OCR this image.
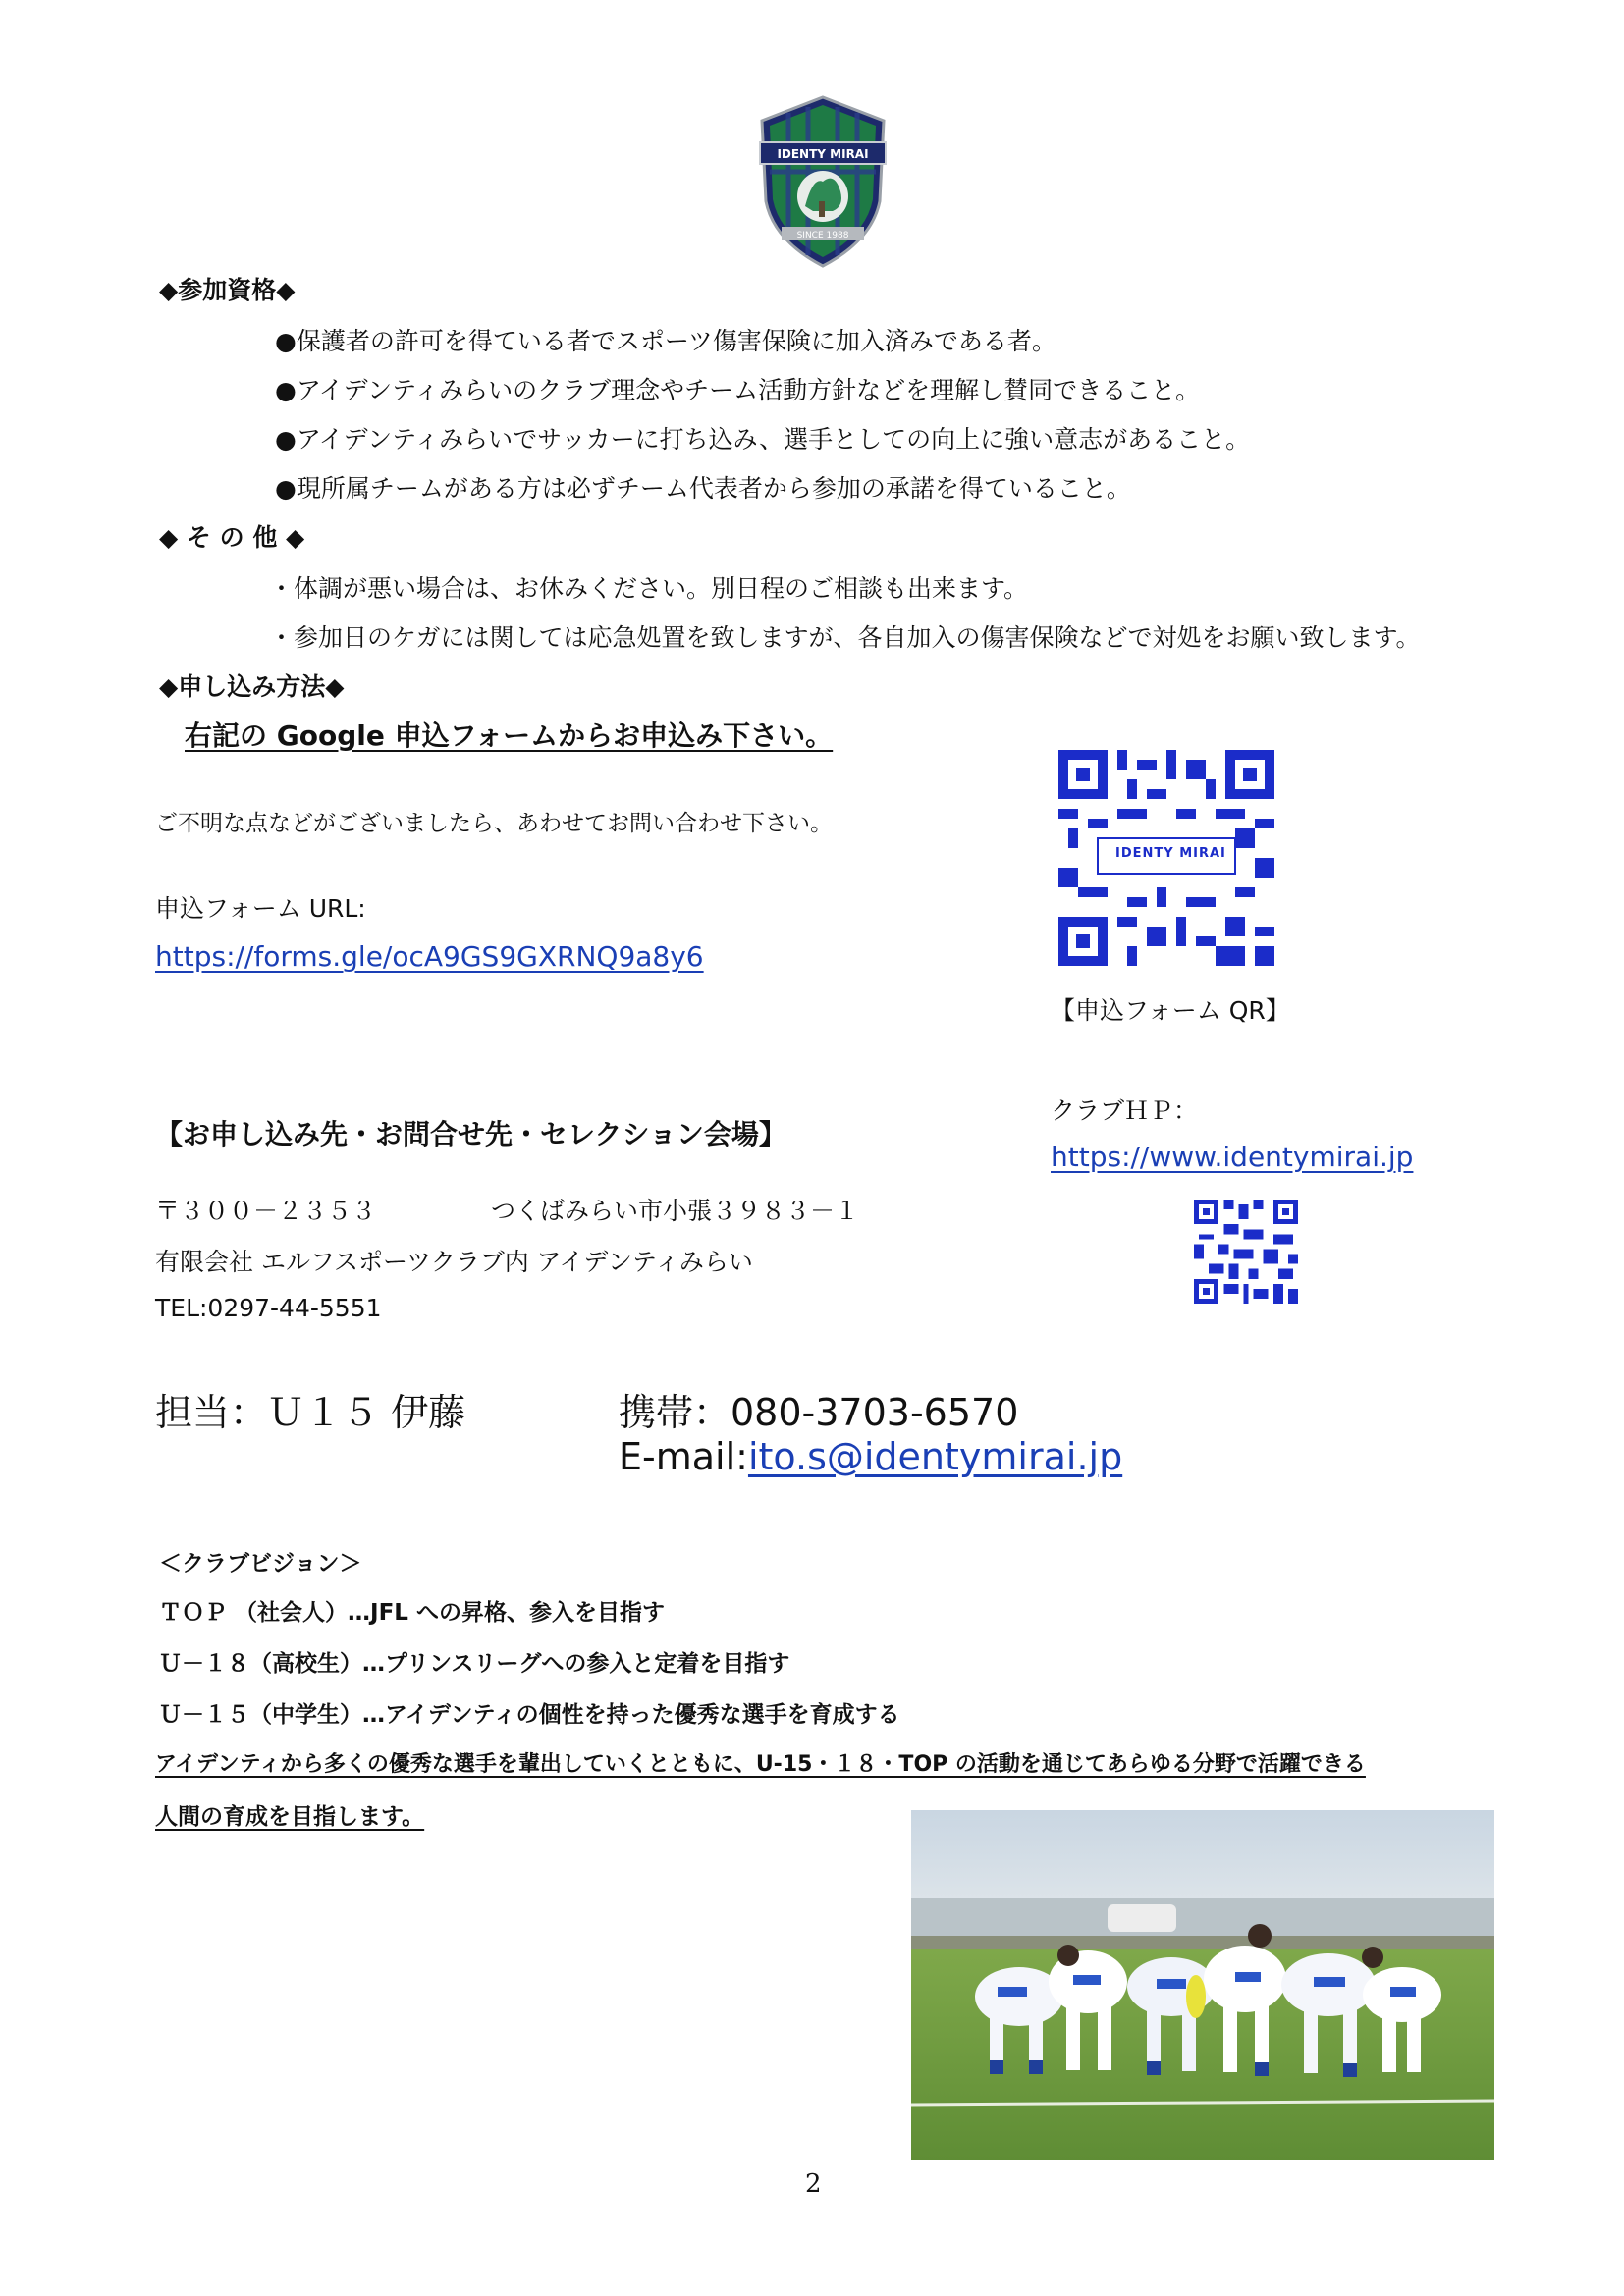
IDENTY MIRAI
SINCE 1988
◆参加資格◆
●保護者の許可を得ている者でスポーツ傷害保険に加入済みである者。
●アイデンティみらいのクラブ理念やチーム活動方針などを理解し賛同できること。
●アイデンティみらいでサッカーに打ち込み、選手としての向上に強い意志があること。
●現所属チームがある方は必ずチーム代表者から参加の承諾を得ていること。
◆ そ の 他 ◆
・体調が悪い場合は、お休みください。別日程のご相談も出来ます。
・参加日のケガには関しては応急処置を致しますが、各自加入の傷害保険などで対処をお願い致します。
◆申し込み方法◆
右記の Google 申込フォームからお申込み下さい。
ご不明な点などがございましたら、あわせてお問い合わせ下さい。
申込フォーム URL:
https://forms.gle/ocA9GS9GXRNQ9a8y6
IDENTY MIRAI
【申込フォーム QR】
クラブＨＰ：
https://www.identymirai.jp
【お申し込み先・お問合せ先・セレクション会場】
〒３００－２３５３	つくばみらい市小張３９８３－１
有限会社 エルフスポーツクラブ内 アイデンティみらい
TEL:0297-44-5551
担当：Ｕ１５ 伊藤	携帯：080-3703-6570
E-mail:ito.s@identymirai.jp
＜クラブビジョン＞
ＴＯＰ （社会人）…JFL への昇格、参入を目指す
Ｕ－１８（高校生）…プリンスリーグへの参入と定着を目指す
Ｕ－１５（中学生）…アイデンティの個性を持った優秀な選手を育成する
アイデンティから多くの優秀な選手を輩出していくとともに、U-15・１８・TOP の活動を通じてあらゆる分野で活躍できる
人間の育成を目指します。
2
